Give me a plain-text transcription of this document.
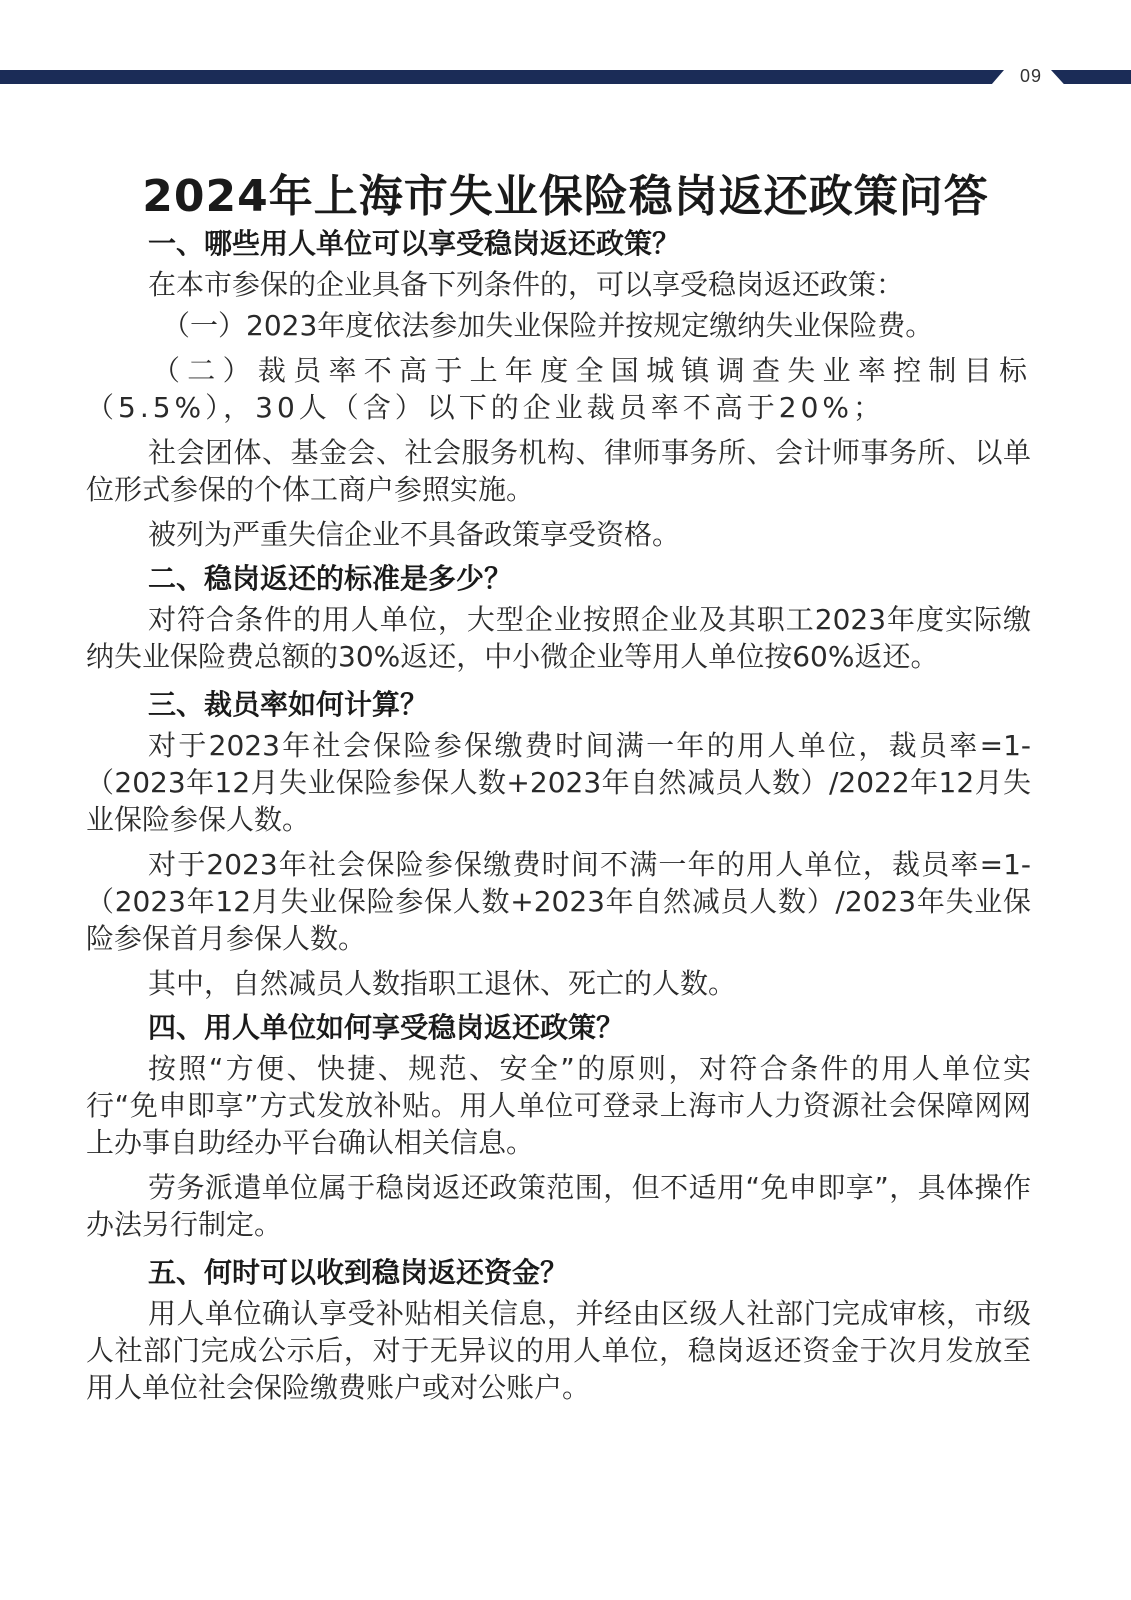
09
2024年上海市失业保险稳岗返还政策问答
一、哪些用人单位可以享受稳岗返还政策？

在本市参保的企业具备下列条件的，可以享受稳岗返还政策：

（一）2023年度依法参加失业保险并按规定缴纳失业保险费。

（二）裁员率不高于上年度全国城镇调查失业率控制目标（5.5%），30人（含）以下的企业裁员率不高于20%；

社会团体、基金会、社会服务机构、律师事务所、会计师事务所、以单位形式参保的个体工商户参照实施。

被列为严重失信企业不具备政策享受资格。

二、稳岗返还的标准是多少？

对符合条件的用人单位，大型企业按照企业及其职工2023年度实际缴纳失业保险费总额的30%返还，中小微企业等用人单位按60%返还。

三、裁员率如何计算？

对于2023年社会保险参保缴费时间满一年的用人单位，裁员率=1-（2023年12月失业保险参保人数+2023年自然减员人数）/2022年12月失业保险参保人数。

对于2023年社会保险参保缴费时间不满一年的用人单位，裁员率=1-（2023年12月失业保险参保人数+2023年自然减员人数）/2023年失业保险参保首月参保人数。

其中，自然减员人数指职工退休、死亡的人数。

四、用人单位如何享受稳岗返还政策？

按照“方便、快捷、规范、安全”的原则，对符合条件的用人单位实行“免申即享”方式发放补贴。用人单位可登录上海市人力资源社会保障网网上办事自助经办平台确认相关信息。

劳务派遣单位属于稳岗返还政策范围，但不适用“免申即享”，具体操作办法另行制定。

五、何时可以收到稳岗返还资金？

用人单位确认享受补贴相关信息，并经由区级人社部门完成审核，市级人社部门完成公示后，对于无异议的用人单位，稳岗返还资金于次月发放至用人单位社会保险缴费账户或对公账户。
